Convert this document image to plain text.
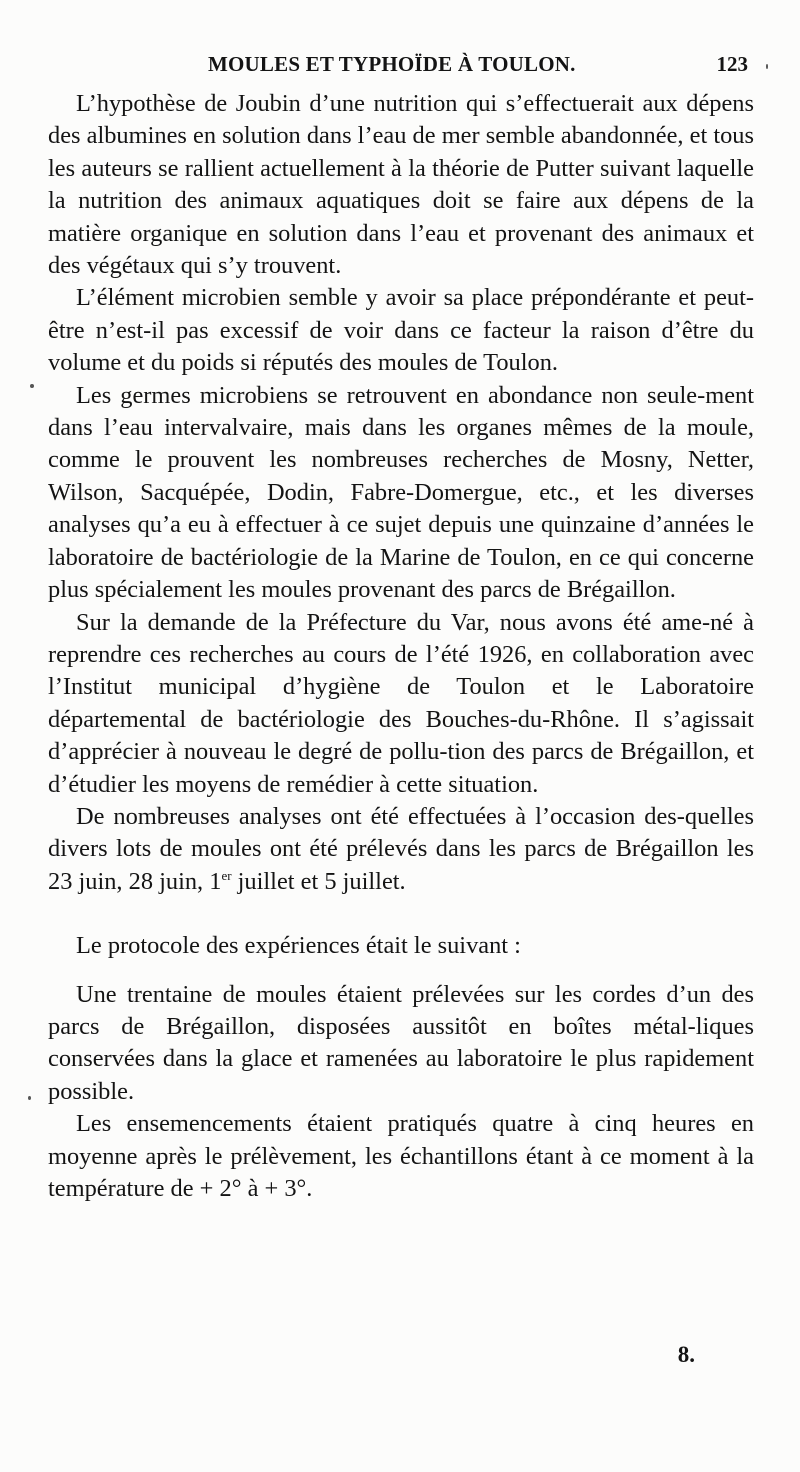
MOULES ET TYPHOÏDE À TOULON.	123

L’hypothèse de Joubin d’une nutrition qui s’effectuerait aux dépens des albumines en solution dans l’eau de mer semble abandonnée, et tous les auteurs se rallient actuellement à la théorie de Putter suivant laquelle la nutrition des animaux aquatiques doit se faire aux dépens de la matière organique en solution dans l’eau et provenant des animaux et des végétaux qui s’y trouvent.

L’élément microbien semble y avoir sa place prépondérante et peut-être n’est-il pas excessif de voir dans ce facteur la raison d’être du volume et du poids si réputés des moules de Toulon.

Les germes microbiens se retrouvent en abondance non seule-ment dans l’eau intervalvaire, mais dans les organes mêmes de la moule, comme le prouvent les nombreuses recherches de Mosny, Netter, Wilson, Sacquépée, Dodin, Fabre-Domergue, etc., et les diverses analyses qu’a eu à effectuer à ce sujet depuis une quinzaine d’années le laboratoire de bactériologie de la Marine de Toulon, en ce qui concerne plus spécialement les moules provenant des parcs de Brégaillon.

Sur la demande de la Préfecture du Var, nous avons été ame-né à reprendre ces recherches au cours de l’été 1926, en collaboration avec l’Institut municipal d’hygiène de Toulon et le Laboratoire départemental de bactériologie des Bouches-du-Rhône. Il s’agissait d’apprécier à nouveau le degré de pollu-tion des parcs de Brégaillon, et d’étudier les moyens de remédier à cette situation.

De nombreuses analyses ont été effectuées à l’occasion des-quelles divers lots de moules ont été prélevés dans les parcs de Brégaillon les 23 juin, 28 juin, 1er juillet et 5 juillet.

Le protocole des expériences était le suivant :

Une trentaine de moules étaient prélevées sur les cordes d’un des parcs de Brégaillon, disposées aussitôt en boîtes métal-liques conservées dans la glace et ramenées au laboratoire le plus rapidement possible.

Les ensemencements étaient pratiqués quatre à cinq heures en moyenne après le prélèvement, les échantillons étant à ce moment à la température de + 2° à + 3°.

8.
